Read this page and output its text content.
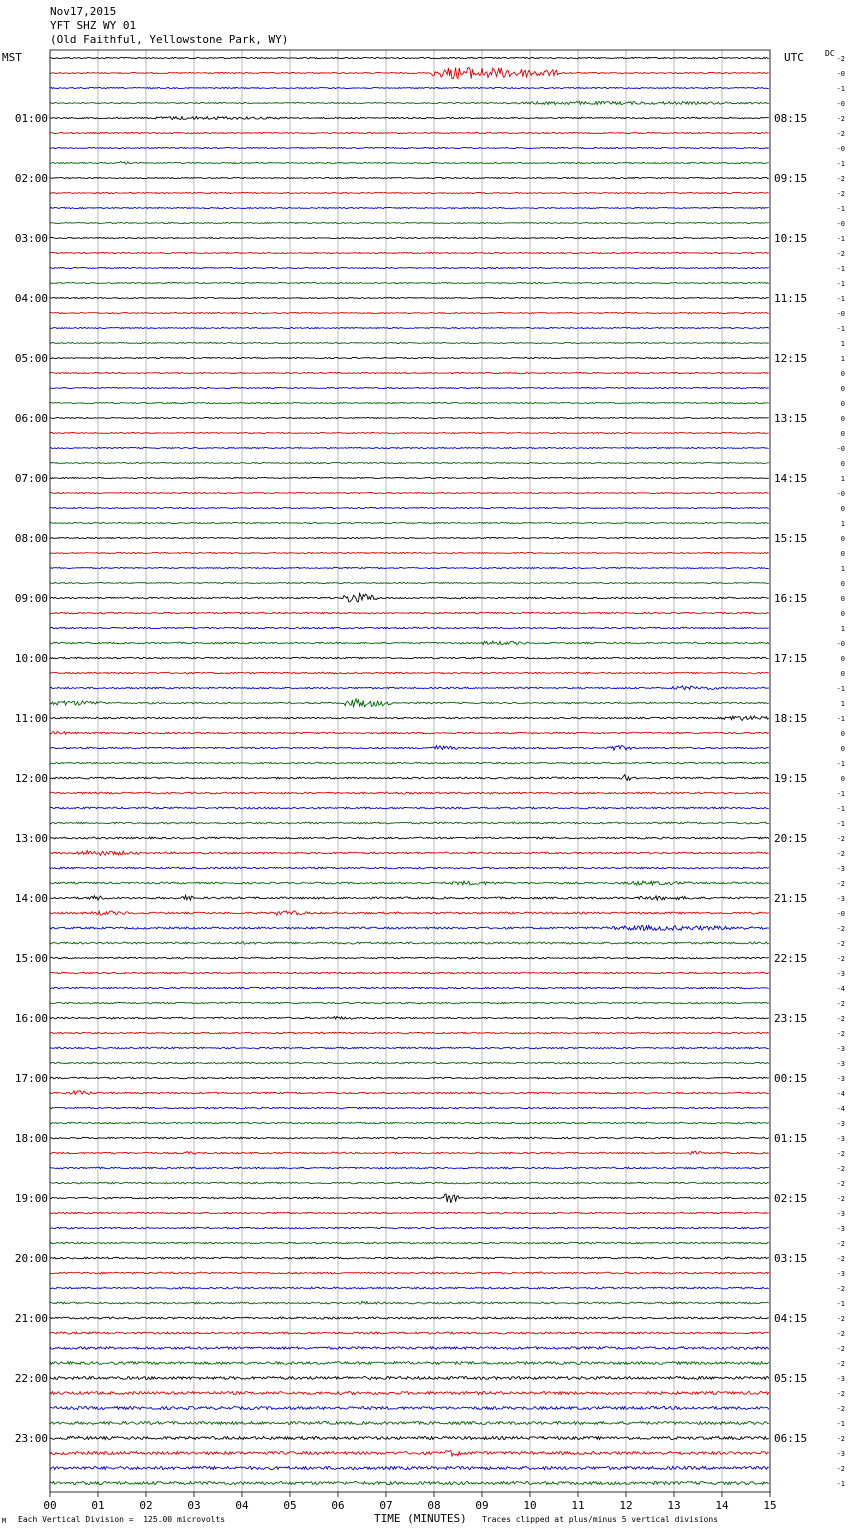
01:00
02:00
03:00
04:00
05:00
06:00
07:00
08:00
09:00
10:00
11:00
12:00
13:00
14:00
15:00
16:00
17:00
18:00
19:00
20:00
21:00
22:00
23:00
08:15
09:15
10:15
11:15
12:15
13:15
14:15
15:15
16:15
17:15
18:15
19:15
20:15
21:15
22:15
23:15
00:15
01:15
02:15
03:15
04:15
05:15
06:15
-2
-0
-1
-0
-2
-2
-0
-1
-2
-2
-1
-0
-1
-2
-1
-1
-1
-0
-1
1
1
0
0
0
0
0
-0
0
1
-0
0
1
0
0
1
0
0
0
1
-0
0
0
-1
1
-1
0
0
-1
0
-1
-1
-1
-2
-2
-3
-2
-3
-0
-2
-2
-2
-3
-4
-2
-2
-2
-3
-3
-3
-4
-4
-3
-3
-2
-2
-2
-2
-3
-3
-2
-2
-3
-2
-1
-2
-2
-2
-2
-3
-2
-2
-1
-2
-3
-2
-1
00	01	02	03	04	05	06	07	08	09	10	11	12	13	14	15
Nov17,2015
YFT SHZ WY 01
(Old Faithful, Yellowstone Park, WY)
MST	UTC	DC
M Each Vertical Division =  125.00 microvolts	TIME (MINUTES) Traces clipped at plus/minus 5 vertical divisions
